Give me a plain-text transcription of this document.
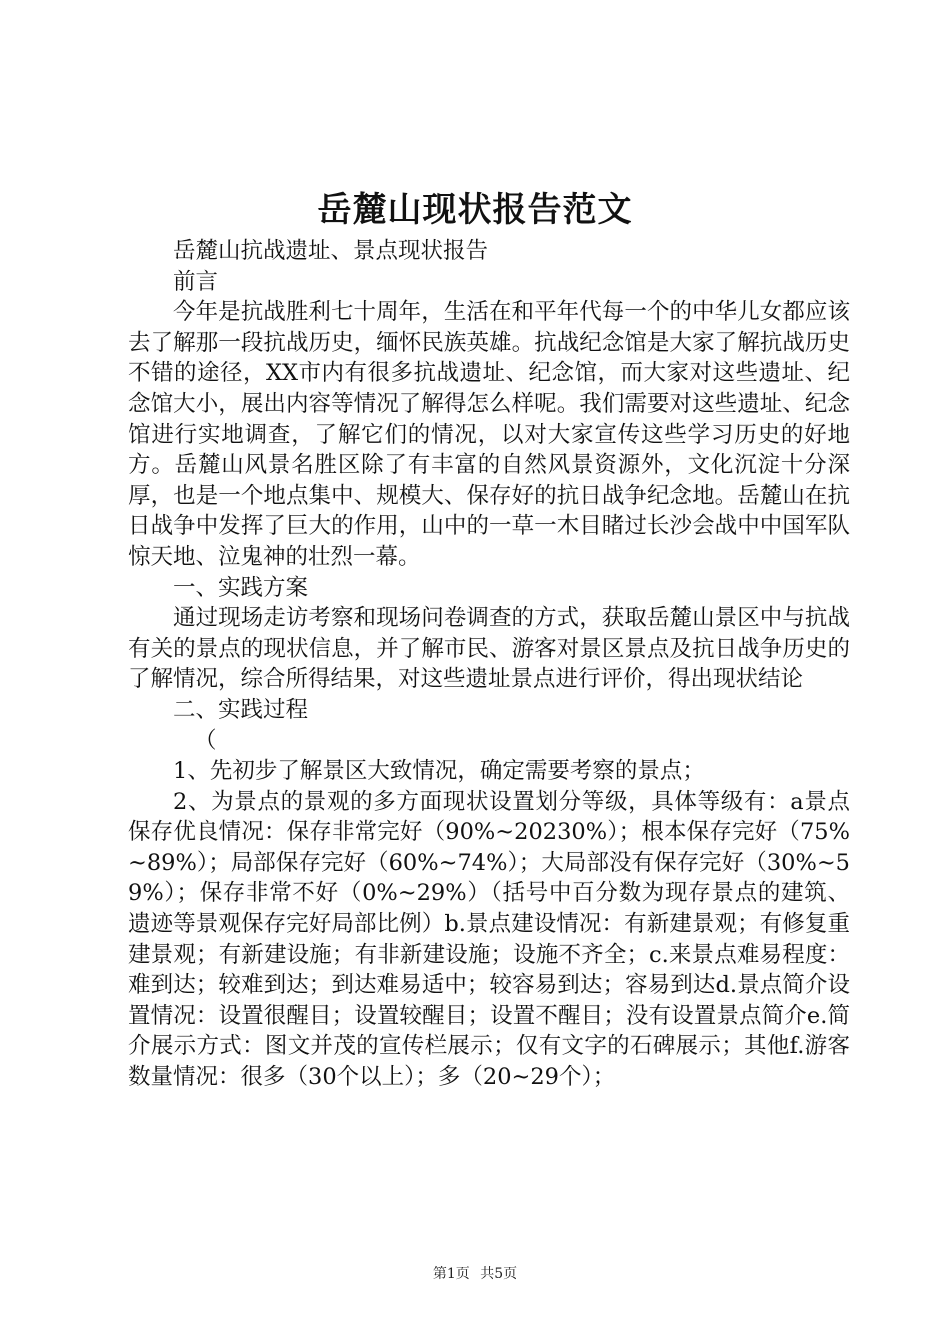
岳麓山现状报告范文

岳麓山抗战遗址、景点现状报告

前言

今年是抗战胜利七十周年，生活在和平年代每一个的中华儿女都应该去了解那一段抗战历史，缅怀民族英雄。抗战纪念馆是大家了解抗战历史不错的途径，XX市内有很多抗战遗址、纪念馆，而大家对这些遗址、纪念馆大小，展出内容等情况了解得怎么样呢。我们需要对这些遗址、纪念馆进行实地调查，了解它们的情况，以对大家宣传这些学习历史的好地方。岳麓山风景名胜区除了有丰富的自然风景资源外，文化沉淀十分深厚，也是一个地点集中、规模大、保存好的抗日战争纪念地。岳麓山在抗日战争中发挥了巨大的作用，山中的一草一木目睹过长沙会战中中国军队惊天地、泣鬼神的壮烈一幕。

一、实践方案

通过现场走访考察和现场问卷调查的方式，获取岳麓山景区中与抗战有关的景点的现状信息，并了解市民、游客对景区景点及抗日战争历史的了解情况，综合所得结果，对这些遗址景点进行评价，得出现状结论

二、实践过程

（

1、先初步了解景区大致情况，确定需要考察的景点；

2、为景点的景观的多方面现状设置划分等级，具体等级有：a景点保存优良情况：保存非常完好（90%~20230%）；根本保存完好（75%~89%）；局部保存完好（60%~74%）；大局部没有保存完好（30%~59%）；保存非常不好（0%~29%）（括号中百分数为现存景点的建筑、遗迹等景观保存完好局部比例）b.景点建设情况：有新建景观；有修复重建景观；有新建设施；有非新建设施；设施不齐全；c.来景点难易程度：难到达；较难到达；到达难易适中；较容易到达；容易到达d.景点简介设置情况：设置很醒目；设置较醒目；设置不醒目；没有设置景点简介e.简介展示方式：图文并茂的宣传栏展示；仅有文字的石碑展示；其他f.游客数量情况：很多（30个以上）；多（20~29个）；

第1页 共5页
